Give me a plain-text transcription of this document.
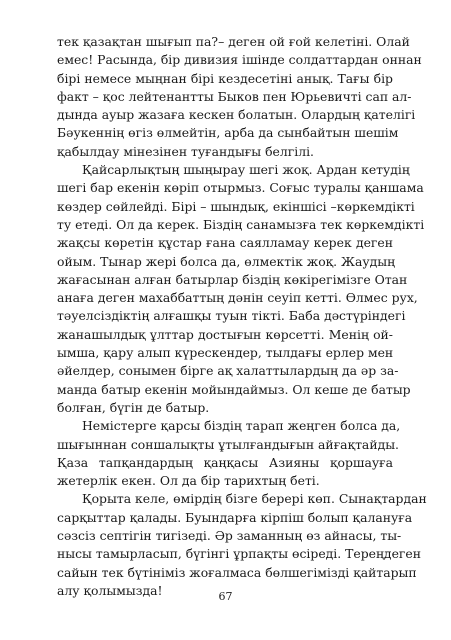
тек қазақтан шығып па?– деген ой ғой келетіні. Олай
емес! Расында, бір дивизия ішінде солдаттардан оннан
бірі немесе мыңнан бірі кездесетіні анық. Тағы бір
факт – қос лейтенантты Быков пен Юрьевичті сап ал-
дында ауыр жазаға кескен болатын. Олардың қателігі
Бәукеннің өгіз өлмейтін, арба да сынбайтын шешім
қабылдау мінезінен туғандығы белгілі.
Қайсарлықтың шыңырау шегі жоқ. Ардан кетудің
шегі бар екенін көріп отырмыз. Соғыс туралы қаншама
көздер сөйлейді. Бірі – шындық, екіншісі –көркемдікті
ту етеді. Ол да керек. Біздің санамызға тек көркемдікті
жақсы көретін құстар ғана саялламау керек деген
ойым. Тынар жері болса да, өлмектік жоқ. Жаудың
жағасынан алған батырлар біздің көкірегімізге Отан
анаға деген махаббаттың дәнін сеуіп кетті. Өлмес рух,
тәуелсіздіктің алғашқы туын тікті. Баба дәстүріндегі
жанашылдық ұлттар достығын көрсетті. Менің ой-
ымша, қару алып күрескендер, тылдағы ерлер мен
әйелдер, сонымен бірге ақ халаттылардың да әр за-
манда батыр екенін мойындаймыз. Ол кеше де батыр
болған, бүгін де батыр.
Немістерге қарсы біздің тарап жеңген болса да,
шығыннан соншалықты ұтылғандығын айғақтайды.
Қаза тапқандардың қаңқасы Азияны қоршауға
жетерлік екен. Ол да бір тарихтың беті.
Қорыта келе, өмірдің бізге берері көп. Сынақтардан
сарқыттар қалады. Буындарға кірпіш болып қалануға
сәзсіз септігін тигізеді. Әр заманның өз айнасы, ты-
нысы тамырласып, бүгінгі ұрпақты өсіреді. Тереңдеген
сайын тек бүтініміз жоғалмаса бөлшегімізді қайтарып
алу қолымызда!	67
